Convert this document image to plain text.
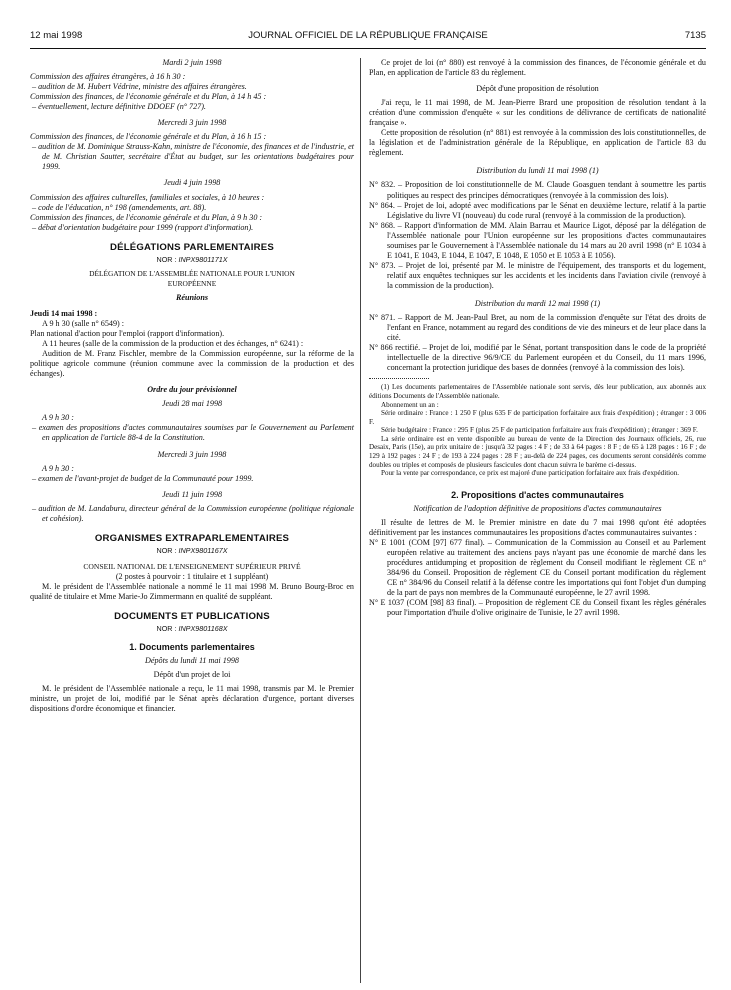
12 mai 1998	JOURNAL OFFICIEL DE LA RÉPUBLIQUE FRANÇAISE	7135

Mardi 2 juin 1998

Commission des affaires étrangères, à 16 h 30 :

– audition de M. Hubert Védrine, ministre des affaires étrangères.

Commission des finances, de l'économie générale et du Plan, à 14 h 45 :

– éventuellement, lecture définitive DDOEF (n° 727).

Mercredi 3 juin 1998

Commission des finances, de l'économie générale et du Plan, à 16 h 15 :

– audition de M. Dominique Strauss-Kahn, ministre de l'économie, des finances et de l'industrie, et de M. Christian Sautter, secrétaire d'État au budget, sur les orientations budgétaires pour 1999.

Jeudi 4 juin 1998

Commission des affaires culturelles, familiales et sociales, à 10 heures :

– code de l'éducation, n° 198 (amendements, art. 88).

Commission des finances, de l'économie générale et du Plan, à 9 h 30 :

– débat d'orientation budgétaire pour 1999 (rapport d'information).

DÉLÉGATIONS PARLEMENTAIRES

NOR : INPX9801171X

DÉLÉGATION DE L'ASSEMBLÉE NATIONALE POUR L'UNION EUROPÉENNE

Réunions

Jeudi 14 mai 1998 :

A 9 h 30 (salle n° 6549) :

Plan national d'action pour l'emploi (rapport d'information).

A 11 heures (salle de la commission de la production et des échanges, n° 6241) :

Audition de M. Franz Fischler, membre de la Commission européenne, sur la réforme de la politique agricole commune (réunion commune avec la commission de la production et des échanges).

Ordre du jour prévisionnel

Jeudi 28 mai 1998

A 9 h 30 :

– examen des propositions d'actes communautaires soumises par le Gouvernement au Parlement en application de l'article 88-4 de la Constitution.

Mercredi 3 juin 1998

A 9 h 30 :

– examen de l'avant-projet de budget de la Communauté pour 1999.

Jeudi 11 juin 1998

– audition de M. Landaburu, directeur général de la Commission européenne (politique régionale et cohésion).

ORGANISMES EXTRAPARLEMENTAIRES

NOR : INPX9801167X

CONSEIL NATIONAL DE L'ENSEIGNEMENT SUPÉRIEUR PRIVÉ

(2 postes à pourvoir : 1 titulaire et 1 suppléant)

M. le président de l'Assemblée nationale a nommé le 11 mai 1998 M. Bruno Bourg-Broc en qualité de titulaire et Mme Marie-Jo Zimmermann en qualité de suppléant.

DOCUMENTS ET PUBLICATIONS

NOR : INPX9801168X

1. Documents parlementaires

Dépôts du lundi 11 mai 1998

Dépôt d'un projet de loi

M. le président de l'Assemblée nationale a reçu, le 11 mai 1998, transmis par M. le Premier ministre, un projet de loi, modifié par le Sénat après déclaration d'urgence, portant diverses dispositions d'ordre économique et financier.

Ce projet de loi (n° 880) est renvoyé à la commission des finances, de l'économie générale et du Plan, en application de l'article 83 du règlement.

Dépôt d'une proposition de résolution

J'ai reçu, le 11 mai 1998, de M. Jean-Pierre Brard une proposition de résolution tendant à la création d'une commission d'enquête « sur les conditions de délivrance de certificats de nationalité française ».

Cette proposition de résolution (n° 881) est renvoyée à la commission des lois constitutionnelles, de la législation et de l'administration générale de la République, en application de l'article 83 du règlement.

Distribution du lundi 11 mai 1998 (1)

N° 832. – Proposition de loi constitutionnelle de M. Claude Goasguen tendant à soumettre les partis politiques au respect des principes démocratiques (renvoyée à la commission des lois).

N° 864. – Projet de loi, adopté avec modifications par le Sénat en deuxième lecture, relatif à la partie Législative du livre VI (nouveau) du code rural (renvoyé à la commission de la production).

N° 868. – Rapport d'information de MM. Alain Barrau et Maurice Ligot, déposé par la délégation de l'Assemblée nationale pour l'Union européenne sur les propositions d'actes communautaires soumises par le Gouvernement à l'Assemblée nationale du 14 mars au 20 avril 1998 (n° E 1034 à E 1041, E 1043, E 1044, E 1047, E 1048, E 1050 et E 1053 à E 1056).

N° 873. – Projet de loi, présenté par M. le ministre de l'équipement, des transports et du logement, relatif aux enquêtes techniques sur les accidents et les incidents dans l'aviation civile (renvoyé à la commission de la production).

Distribution du mardi 12 mai 1998 (1)

N° 871. – Rapport de M. Jean-Paul Bret, au nom de la commission d'enquête sur l'état des droits de l'enfant en France, notamment au regard des conditions de vie des mineurs et de leur place dans la cité.

N° 866 rectifié. – Projet de loi, modifié par le Sénat, portant transposition dans le code de la propriété intellectuelle de la directive 96/9/CE du Parlement européen et du Conseil, du 11 mars 1996, concernant la protection juridique des bases de données (renvoyé à la commission des lois).

(1) Les documents parlementaires de l'Assemblée nationale sont servis, dès leur publication, aux abonnés aux éditions Documents de l'Assemblée nationale.

Abonnement un an :

Série ordinaire : France : 1 250 F (plus 635 F de participation forfaitaire aux frais d'expédition) ; étranger : 3 006 F.

Série budgétaire : France : 295 F (plus 25 F de participation forfaitaire aux frais d'expédition) ; étranger : 369 F.

La série ordinaire est en vente disponible au bureau de vente de la Direction des Journaux officiels, 26, rue Desaix, Paris (15e), au prix unitaire de : jusqu'à 32 pages : 4 F ; de 33 à 64 pages : 8 F ; de 65 à 128 pages : 16 F ; de 129 à 192 pages : 24 F ; de 193 à 224 pages : 28 F ; au-delà de 224 pages, ces documents seront considérés comme doubles ou triples et composés de plusieurs fascicules dont chacun suivra le barème ci-dessus.

Pour la vente par correspondance, ce prix est majoré d'une participation forfaitaire aux frais d'expédition.

2. Propositions d'actes communautaires

Notification de l'adoption définitive de propositions d'actes communautaires

Il résulte de lettres de M. le Premier ministre en date du 7 mai 1998 qu'ont été adoptées définitivement par les instances communautaires les propositions d'actes communautaires suivantes :

N° E 1001 (COM [97] 677 final). – Communication de la Commission au Conseil et au Parlement européen relative au traitement des anciens pays n'ayant pas une économie de marché dans les procédures antidumping et proposition de règlement du Conseil modifiant le règlement CE n° 384/96 du Conseil. Proposition de règlement CE du Conseil portant modification du règlement CE n° 384/96 du Conseil relatif à la défense contre les importations qui font l'objet d'un dumping de la part de pays non membres de la Communauté européenne, le 27 avril 1998.

N° E 1037 (COM [98] 83 final). – Proposition de règlement CE du Conseil fixant les règles générales pour l'importation d'huile d'olive originaire de Tunisie, le 27 avril 1998.
